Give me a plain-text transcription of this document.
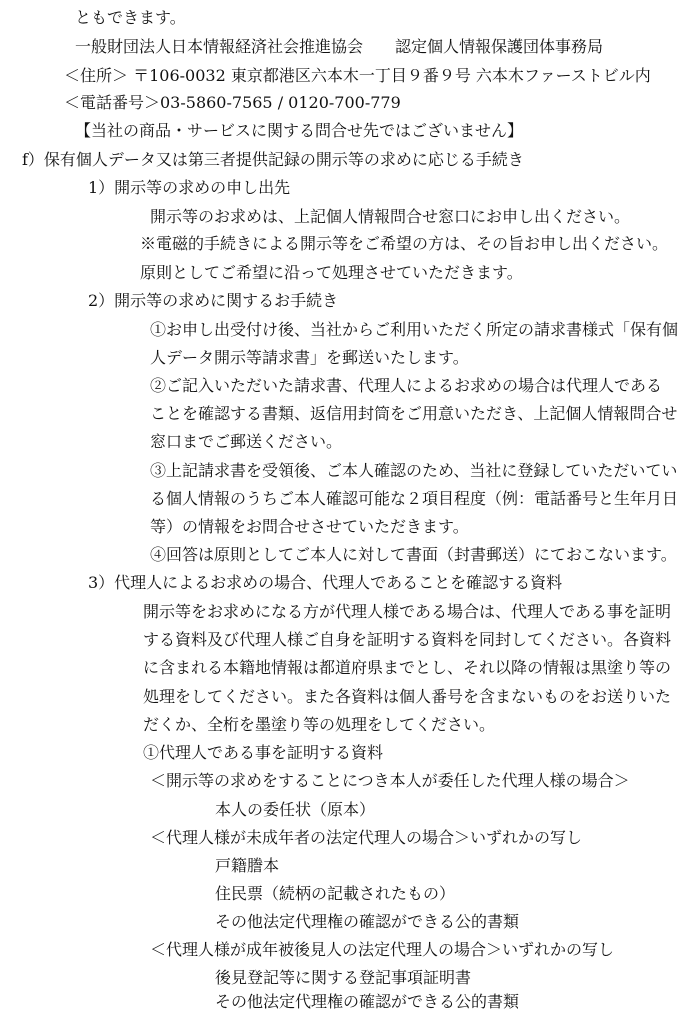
ともできます。
一般財団法人日本情報経済社会推進協会　　認定個人情報保護団体事務局
＜住所＞ 〒106-0032 東京都港区六本木一丁目９番９号 六本木ファーストビル内
＜電話番号＞03-5860-7565 / 0120-700-779
【当社の商品・サービスに関する問合せ先ではございません】
f）保有個人データ又は第三者提供記録の開示等の求めに応じる手続き
1）開示等の求めの申し出先
開示等のお求めは、上記個人情報問合せ窓口にお申し出ください。
※電磁的手続きによる開示等をご希望の方は、その旨お申し出ください。
原則としてご希望に沿って処理させていただきます。
2）開示等の求めに関するお手続き
①お申し出受付け後、当社からご利用いただく所定の請求書様式「保有個
人データ開示等請求書」を郵送いたします。
②ご記入いただいた請求書、代理人によるお求めの場合は代理人である
ことを確認する書類、返信用封筒をご用意いただき、上記個人情報問合せ
窓口までご郵送ください。
③上記請求書を受領後、ご本人確認のため、当社に登録していただいてい
る個人情報のうちご本人確認可能な２項目程度（例：電話番号と生年月日
等）の情報をお問合せさせていただきます。
④回答は原則としてご本人に対して書面（封書郵送）にておこないます。
3）代理人によるお求めの場合、代理人であることを確認する資料
開示等をお求めになる方が代理人様である場合は、代理人である事を証明
する資料及び代理人様ご自身を証明する資料を同封してください。各資料
に含まれる本籍地情報は都道府県までとし、それ以降の情報は黒塗り等の
処理をしてください。また各資料は個人番号を含まないものをお送りいた
だくか、全桁を墨塗り等の処理をしてください。
①代理人である事を証明する資料
＜開示等の求めをすることにつき本人が委任した代理人様の場合＞
本人の委任状（原本）
＜代理人様が未成年者の法定代理人の場合＞いずれかの写し
戸籍謄本
住民票（続柄の記載されたもの）
その他法定代理権の確認ができる公的書類
＜代理人様が成年被後見人の法定代理人の場合＞いずれかの写し
後見登記等に関する登記事項証明書
その他法定代理権の確認ができる公的書類
